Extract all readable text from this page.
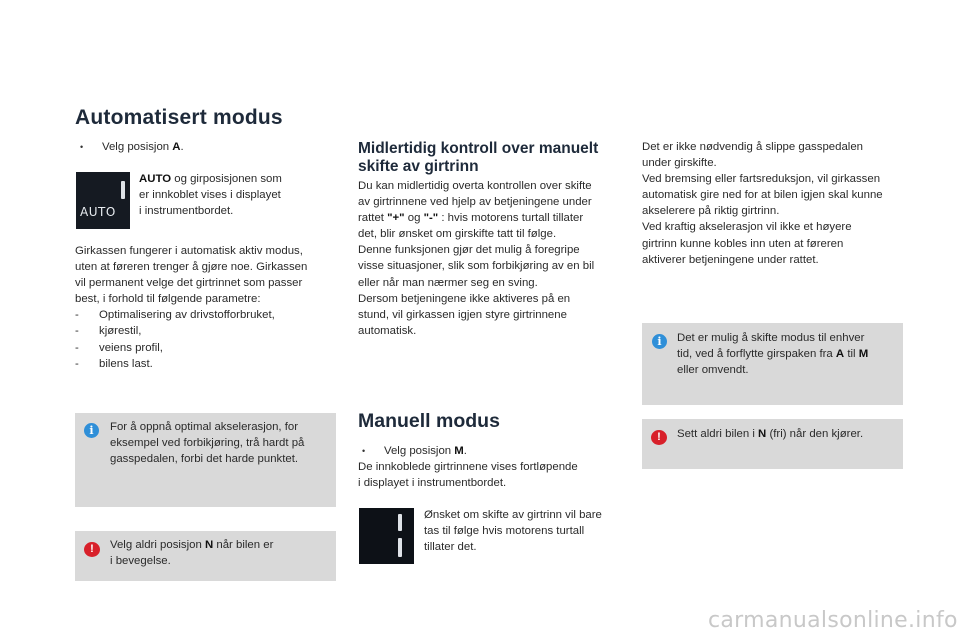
Automatisert modus
• Velg posisjon A.
AUTO
AUTO og girposisjonen som
er innkoblet vises i displayet
i instrumentbordet.
Girkassen fungerer i automatisk aktiv modus,
uten at føreren trenger å gjøre noe. Girkassen
vil permanent velge det girtrinnet som passer
best, i forhold til følgende parametre:
- Optimalisering av drivstofforbruket,
- kjørestil,
- veiens profil,
- bilens last.
i	For å oppnå optimal akselerasjon, for
eksempel ved forbikjøring, trå hardt på
gasspedalen, forbi det harde punktet.
!	Velg aldri posisjon N når bilen er
i bevegelse.
Midlertidig kontroll over manuelt
skifte av girtrinn
Du kan midlertidig overta kontrollen over skifte
av girtrinnene ved hjelp av betjeningene under
rattet "+" og "-" : hvis motorens turtall tillater
det, blir ønsket om girskifte tatt til følge.
Denne funksjonen gjør det mulig å foregripe
visse situasjoner, slik som forbikjøring av en bil
eller når man nærmer seg en sving.
Dersom betjeningene ikke aktiveres på en
stund, vil girkassen igjen styre girtrinnene
automatisk.
Manuell modus
• Velg posisjon M.
De innkoblede girtrinnene vises fortløpende
i displayet i instrumentbordet.
Ønsket om skifte av girtrinn vil bare
tas til følge hvis motorens turtall
tillater det.
Det er ikke nødvendig å slippe gasspedalen
under girskifte.
Ved bremsing eller fartsreduksjon, vil girkassen
automatisk gire ned for at bilen igjen skal kunne
akselerere på riktig girtrinn.
Ved kraftig akselerasjon vil ikke et høyere
girtrinn kunne kobles inn uten at føreren
aktiverer betjeningene under rattet.
i	Det er mulig å skifte modus til enhver
tid, ved å forflytte girspaken fra A til M
eller omvendt.
!	Sett aldri bilen i N (fri) når den kjører.
carmanualsonline.info
